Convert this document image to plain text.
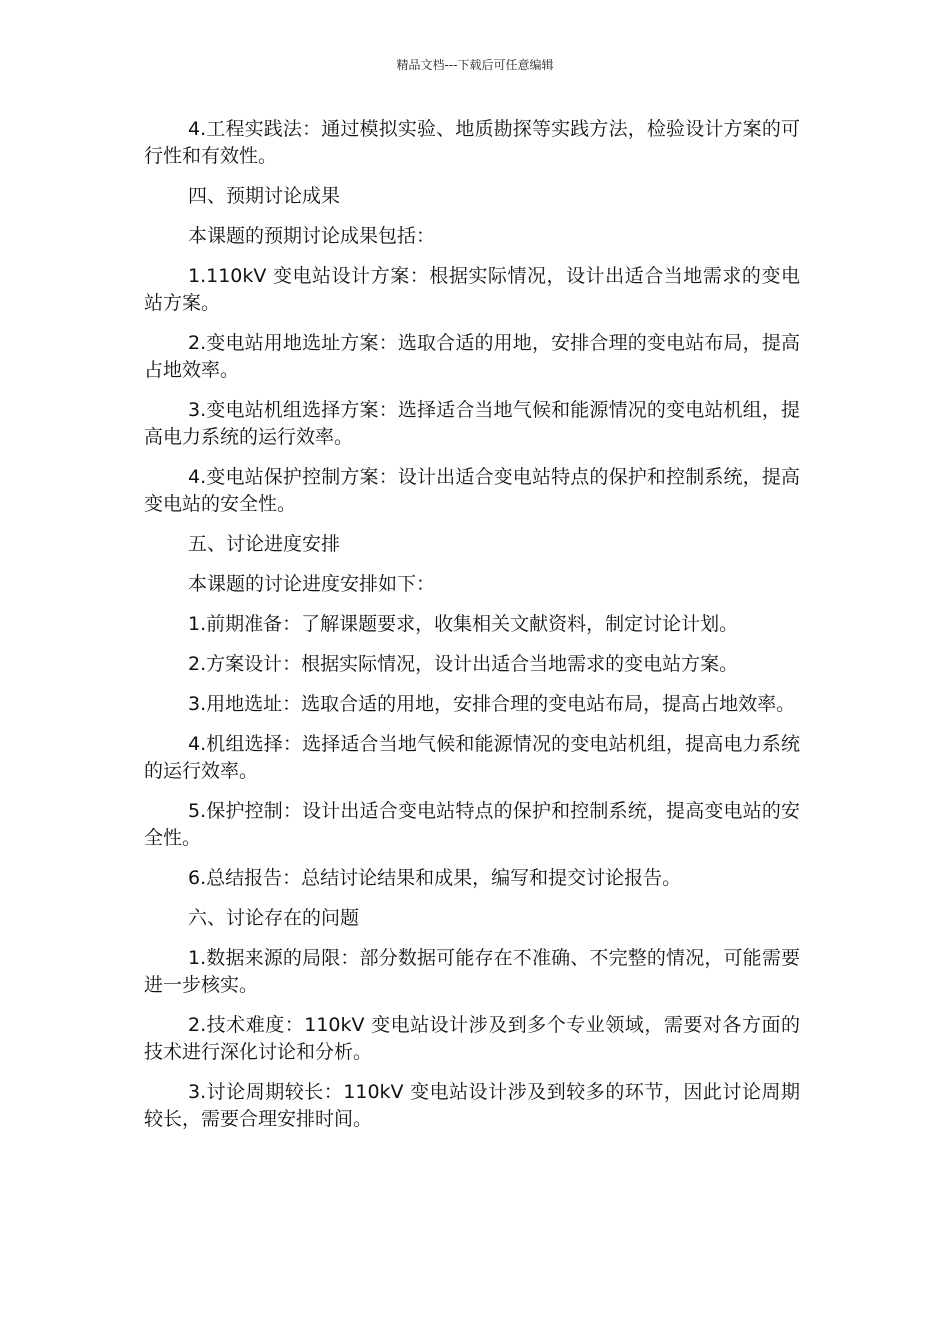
精品文档---下载后可任意编辑

4.工程实践法：通过模拟实验、地质勘探等实践方法，检验设计方案的可行性和有效性。

四、预期讨论成果

本课题的预期讨论成果包括：

1.110kV 变电站设计方案：根据实际情况，设计出适合当地需求的变电站方案。

2.变电站用地选址方案：选取合适的用地，安排合理的变电站布局，提高占地效率。

3.变电站机组选择方案：选择适合当地气候和能源情况的变电站机组，提高电力系统的运行效率。

4.变电站保护控制方案：设计出适合变电站特点的保护和控制系统，提高变电站的安全性。

五、讨论进度安排

本课题的讨论进度安排如下：

1.前期准备：了解课题要求，收集相关文献资料，制定讨论计划。

2.方案设计：根据实际情况，设计出适合当地需求的变电站方案。

3.用地选址：选取合适的用地，安排合理的变电站布局，提高占地效率。

4.机组选择：选择适合当地气候和能源情况的变电站机组，提高电力系统的运行效率。

5.保护控制：设计出适合变电站特点的保护和控制系统，提高变电站的安全性。

6.总结报告：总结讨论结果和成果，编写和提交讨论报告。

六、讨论存在的问题

1.数据来源的局限：部分数据可能存在不准确、不完整的情况，可能需要进一步核实。

2.技术难度：110kV 变电站设计涉及到多个专业领域，需要对各方面的技术进行深化讨论和分析。

3.讨论周期较长：110kV 变电站设计涉及到较多的环节，因此讨论周期较长，需要合理安排时间。
